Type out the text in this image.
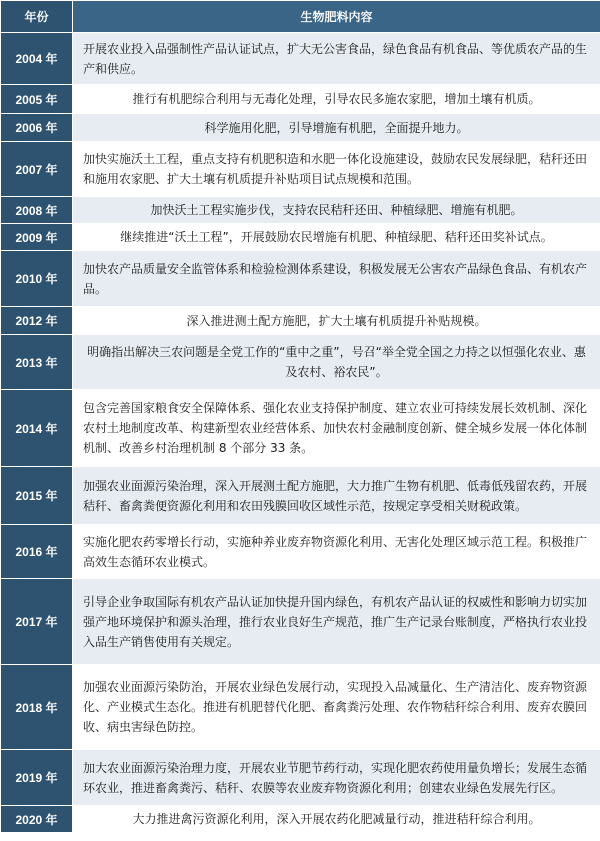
年份	生物肥料内容
2004 年	开展农业投入品强制性产品认证试点，扩大无公害食品，绿色食品有机食品、等优质农产品的生产和供应。
2005 年	推行有机肥综合利用与无毒化处理，引导农民多施农家肥，增加土壤有机质。
2006 年	科学施用化肥，引导增施有机肥，全面提升地力。
2007 年	加快实施沃土工程，重点支持有机肥积造和水肥一体化设施建设，鼓励农民发展绿肥，秸秆还田和施用农家肥、扩大土壤有机质提升补贴项目试点规模和范围。
2008 年	加快沃土工程实施步伐，支持农民秸秆还田、种植绿肥、增施有机肥。
2009 年	继续推进“沃土工程”，开展鼓励农民增施有机肥、种植绿肥、秸秆还田奖补试点。
2010 年	加快农产品质量安全监管体系和检验检测体系建设，积极发展无公害农产品绿色食品、有机农产品。
2012 年	深入推进测土配方施肥，扩大土壤有机质提升补贴规模。
2013 年	明确指出解决三农问题是全党工作的“重中之重”，号召“举全党全国之力持之以恒强化农业、惠及农村、裕农民”。
2014 年	包含完善国家粮食安全保障体系、强化农业支持保护制度、建立农业可持续发展长效机制、深化农村土地制度改革、构建新型农业经营体系、加快农村金融制度创新、健全城乡发展一体化体制机制、改善乡村治理机制 8 个部分 33 条。
2015 年	加强农业面源污染治理，深入开展测土配方施肥，大力推广生物有机肥、低毒低残留农药，开展秸秆、畜禽粪便资源化利用和农田残膜回收区域性示范，按规定享受相关财税政策。
2016 年	实施化肥农药零增长行动，实施种养业废弃物资源化利用、无害化处理区域示范工程。积极推广高效生态循环农业模式。
2017 年	引导企业争取国际有机农产品认证加快提升国内绿色，有机农产品认证的权威性和影响力切实加强产地环境保护和源头治理，推行农业良好生产规范，推广生产记录台账制度，严格执行农业投入品生产销售使用有关规定。
2018 年	加强农业面源污染防治，开展农业绿色发展行动，实现投入品减量化、生产清洁化、废弃物资源化、产业模式生态化。推进有机肥替代化肥、畜禽粪污处理、农作物秸秆综合利用、废弃农膜回收、病虫害绿色防控。
2019 年	加大农业面源污染治理力度，开展农业节肥节药行动，实现化肥农药使用量负增长；发展生态循环农业，推进畜禽粪污、秸秆、农膜等农业废弃物资源化利用；创建农业绿色发展先行区。
2020 年	大力推进禽污资源化利用，深入开展农药化肥减量行动，推进秸秆综合利用。
